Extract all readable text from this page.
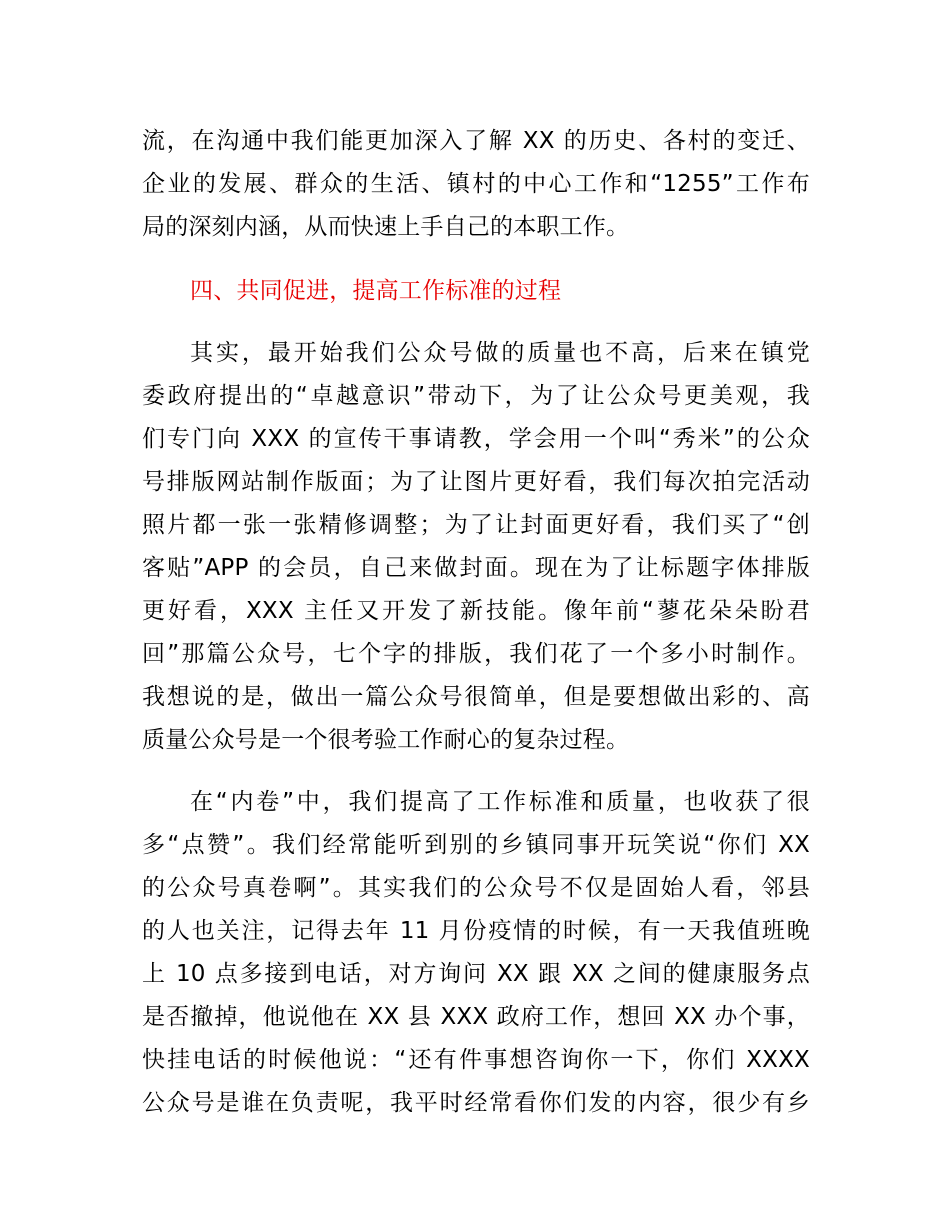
流，在沟通中我们能更加深入了解 XX 的历史、各村的变迁、
企业的发展、群众的生活、镇村的中心工作和“1255”工作布
局的深刻内涵，从而快速上手自己的本职工作。
四、共同促进，提高工作标准的过程
其实，最开始我们公众号做的质量也不高，后来在镇党
委政府提出的“卓越意识”带动下，为了让公众号更美观，我
们专门向 XXX 的宣传干事请教，学会用一个叫“秀米”的公众
号排版网站制作版面；为了让图片更好看，我们每次拍完活动
照片都一张一张精修调整；为了让封面更好看，我们买了“创
客贴”APP 的会员，自己来做封面。现在为了让标题字体排版
更好看，XXX 主任又开发了新技能。像年前“蓼花朵朵盼君
回”那篇公众号，七个字的排版，我们花了一个多小时制作。
我想说的是，做出一篇公众号很简单，但是要想做出彩的、高
质量公众号是一个很考验工作耐心的复杂过程。
在“内卷”中，我们提高了工作标准和质量，也收获了很
多“点赞”。我们经常能听到别的乡镇同事开玩笑说“你们 XX
的公众号真卷啊”。其实我们的公众号不仅是固始人看，邻县
的人也关注，记得去年 11 月份疫情的时候，有一天我值班晚
上 10 点多接到电话，对方询问 XX 跟 XX 之间的健康服务点
是否撤掉，他说他在 XX 县 XXX 政府工作，想回 XX 办个事，
快挂电话的时候他说：“还有件事想咨询你一下，你们 XXXX
公众号是谁在负责呢，我平时经常看你们发的内容，很少有乡
